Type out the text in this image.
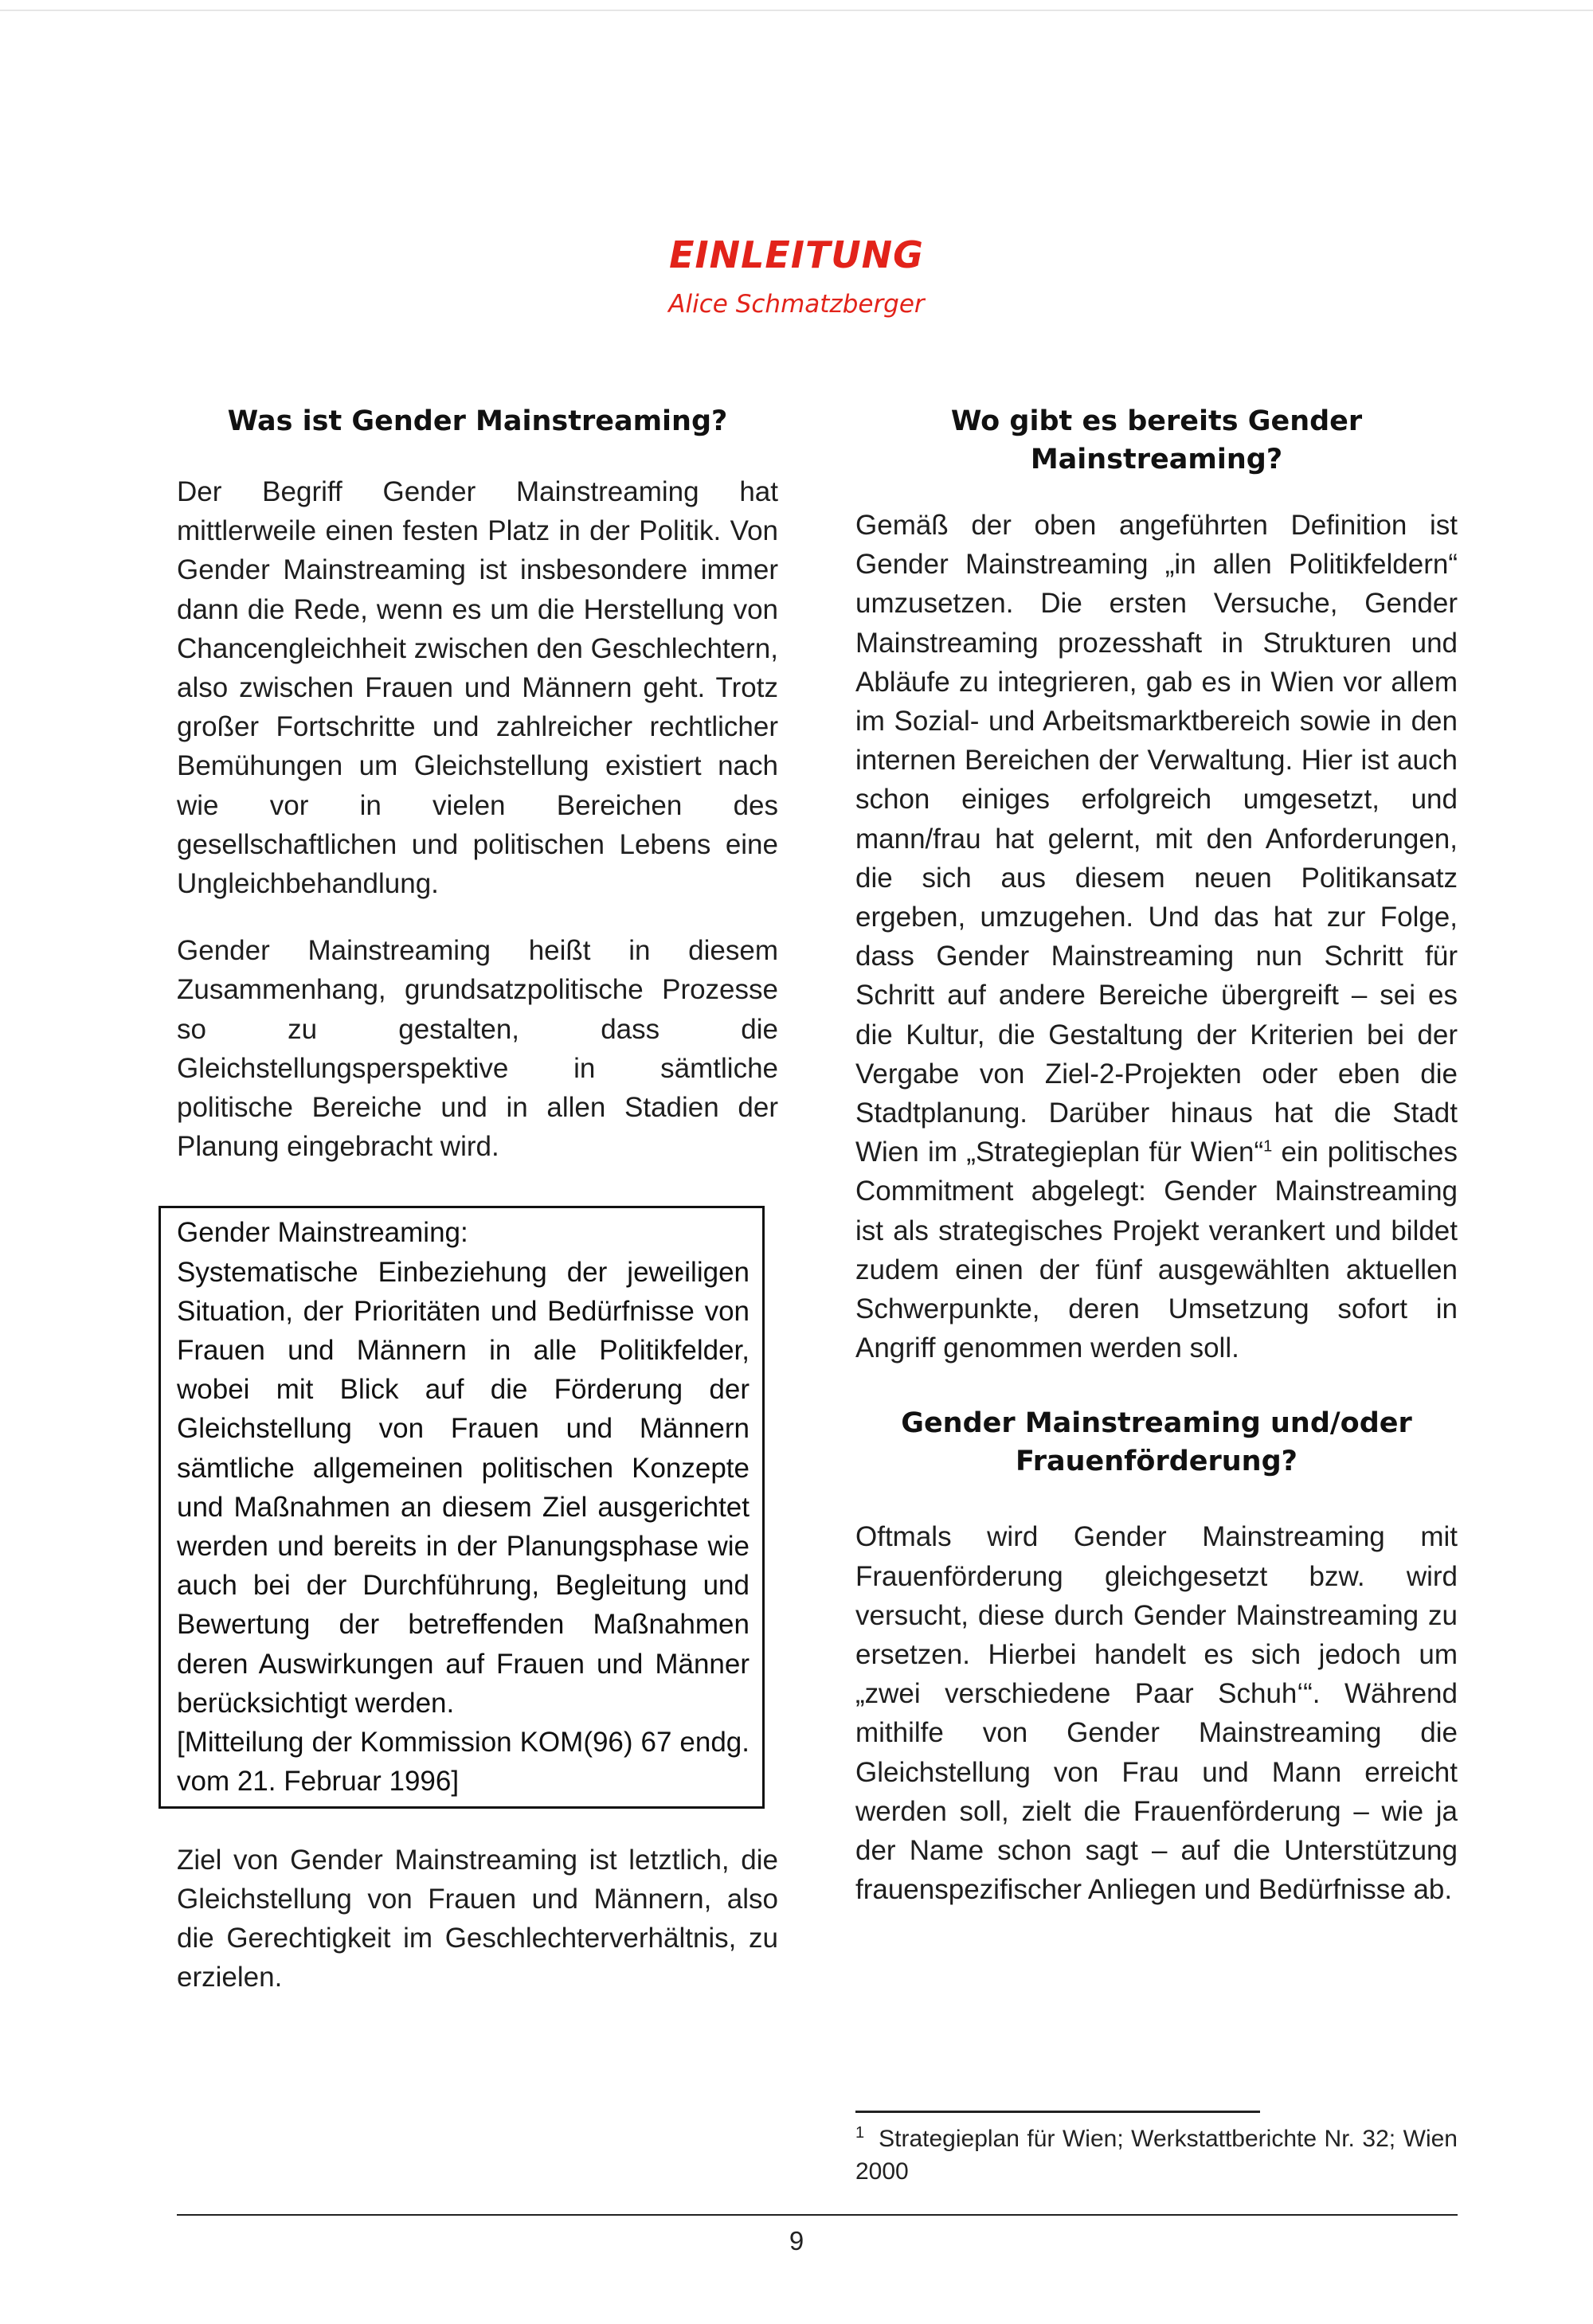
EINLEITUNG
Alice Schmatzberger
Was ist Gender Mainstreaming?

Der Begriff Gender Mainstreaming hat mittlerweile einen festen Platz in der Politik. Von Gender Mainstreaming ist insbesondere immer dann die Rede, wenn es um die Herstellung von Chancengleichheit zwischen den Geschlechtern, also zwischen Frauen und Männern geht. Trotz großer Fortschritte und zahlreicher rechtlicher Bemühungen um Gleichstellung existiert nach wie vor in vielen Bereichen des gesellschaftlichen und politischen Lebens eine Ungleichbehandlung.

Gender Mainstreaming heißt in diesem Zusammenhang, grundsatzpolitische Prozesse so zu gestalten, dass die Gleichstellungsperspektive in sämtliche politische Bereiche und in allen Stadien der Planung eingebracht wird.

Gender Mainstreaming:

Systematische Einbeziehung der jeweiligen Situation, der Prioritäten und Bedürfnisse von Frauen und Männern in alle Politikfelder, wobei mit Blick auf die Förderung der Gleichstellung von Frauen und Männern sämtliche allgemeinen politischen Konzepte und Maßnahmen an diesem Ziel ausgerichtet werden und bereits in der Planungsphase wie auch bei der Durchführung, Begleitung und Bewertung der betreffenden Maßnahmen deren Auswirkungen auf Frauen und Männer berücksichtigt werden.

[Mitteilung der Kommission KOM(96) 67 endg. vom 21. Februar 1996]

Ziel von Gender Mainstreaming ist letztlich, die Gleichstellung von Frauen und Männern, also die Gerechtigkeit im Geschlechterverhältnis, zu erzielen.

Wo gibt es bereits Gender Mainstreaming?

Gemäß der oben angeführten Definition ist Gender Mainstreaming „in allen Politikfeldern“ umzusetzen. Die ersten Versuche, Gender Mainstreaming prozesshaft in Strukturen und Abläufe zu integrieren, gab es in Wien vor allem im Sozial- und Arbeitsmarktbereich sowie in den internen Bereichen der Verwaltung. Hier ist auch schon einiges erfolgreich umgesetzt, und mann/frau hat gelernt, mit den Anforderungen, die sich aus diesem neuen Politikansatz ergeben, umzugehen. Und das hat zur Folge, dass Gender Mainstreaming nun Schritt für Schritt auf andere Bereiche übergreift – sei es die Kultur, die Gestaltung der Kriterien bei der Vergabe von Ziel-2-Projekten oder eben die Stadtplanung. Darüber hinaus hat die Stadt Wien im „Strategieplan für Wien“$^1$ ein politisches Commitment abgelegt: Gender Mainstreaming ist als strategisches Projekt verankert und bildet zudem einen der fünf ausgewählten aktuellen Schwerpunkte, deren Umsetzung sofort in Angriff genommen werden soll.

Gender Mainstreaming und/oder Frauenförderung?

Oftmals wird Gender Mainstreaming mit Frauenförderung gleichgesetzt bzw. wird versucht, diese durch Gender Mainstreaming zu ersetzen. Hierbei handelt es sich jedoch um „zwei verschiedene Paar Schuh‘“. Während mithilfe von Gender Mainstreaming die Gleichstellung von Frau und Mann erreicht werden soll, zielt die Frauenförderung – wie ja der Name schon sagt – auf die Unterstützung frauenspezifischer Anliegen und Bedürfnisse ab.

$^1$ Strategieplan für Wien; Werkstattberichte Nr. 32; Wien 2000
9
